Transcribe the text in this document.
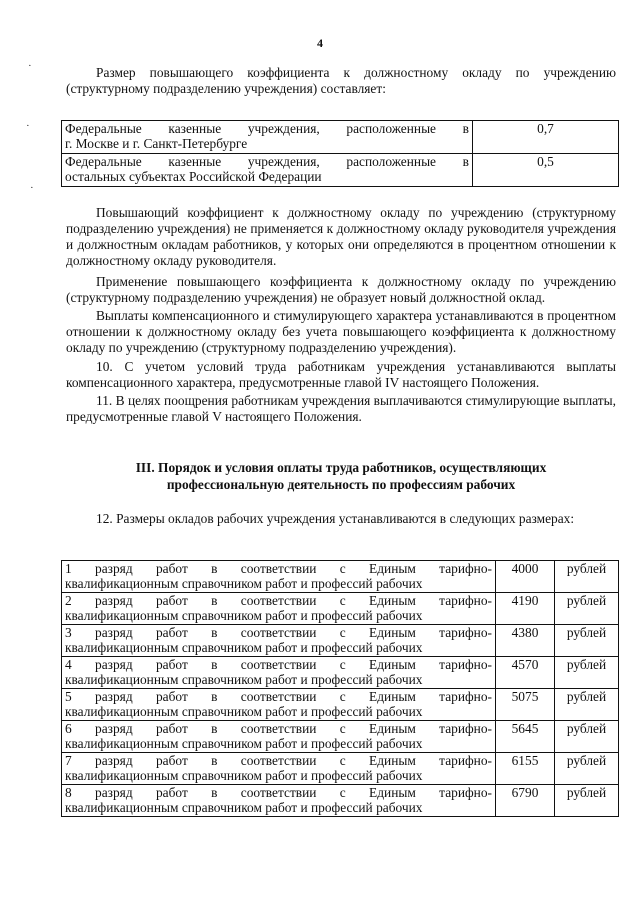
4
·
·
·

Размер повышающего коэффициента к должностному окладу по учреждению (структурному подразделению учреждения) составляет:

Федеральные казенные учреждения, расположенные в
г. Москве и г. Санкт-Петербурге	0,7

Федеральные казенные учреждения, расположенные в
остальных субъектах Российской Федерации	0,5

Повышающий коэффициент к должностному окладу по учреждению (структурному подразделению учреждения) не применяется к должностному окладу руководителя учреждения и должностным окладам работников, у которых они определяются в процентном отношении к должностному окладу руководителя.

Применение повышающего коэффициента к должностному окладу по учреждению (структурному подразделению учреждения) не образует новый должностной оклад.

Выплаты компенсационного и стимулирующего характера устанавливаются в процентном отношении к должностному окладу без учета повышающего коэффициента к должностному окладу по учреждению (структурному подразделению учреждения).

10. С учетом условий труда работникам учреждения устанавливаются выплаты компенсационного характера, предусмотренные главой IV настоящего Положения.

11. В целях поощрения работникам учреждения выплачиваются стимулирующие выплаты, предусмотренные главой V настоящего Положения.

III. Порядок и условия оплаты труда работников, осуществляющих
профессиональную деятельность по профессиям рабочих

12. Размеры окладов рабочих учреждения устанавливаются в следующих размерах:

1 разряд работ в соответствии с Единым тарифно-
квалификационным справочником работ и профессий рабочих	4000	рублей

2 разряд работ в соответствии с Единым тарифно-
квалификационным справочником работ и профессий рабочих	4190	рублей

3 разряд работ в соответствии с Единым тарифно-
квалификационным справочником работ и профессий рабочих	4380	рублей

4 разряд работ в соответствии с Единым тарифно-
квалификационным справочником работ и профессий рабочих	4570	рублей

5 разряд работ в соответствии с Единым тарифно-
квалификационным справочником работ и профессий рабочих	5075	рублей

6 разряд работ в соответствии с Единым тарифно-
квалификационным справочником работ и профессий рабочих	5645	рублей

7 разряд работ в соответствии с Единым тарифно-
квалификационным справочником работ и профессий рабочих	6155	рублей

8 разряд работ в соответствии с Единым тарифно-
квалификационным справочником работ и профессий рабочих	6790	рублей
